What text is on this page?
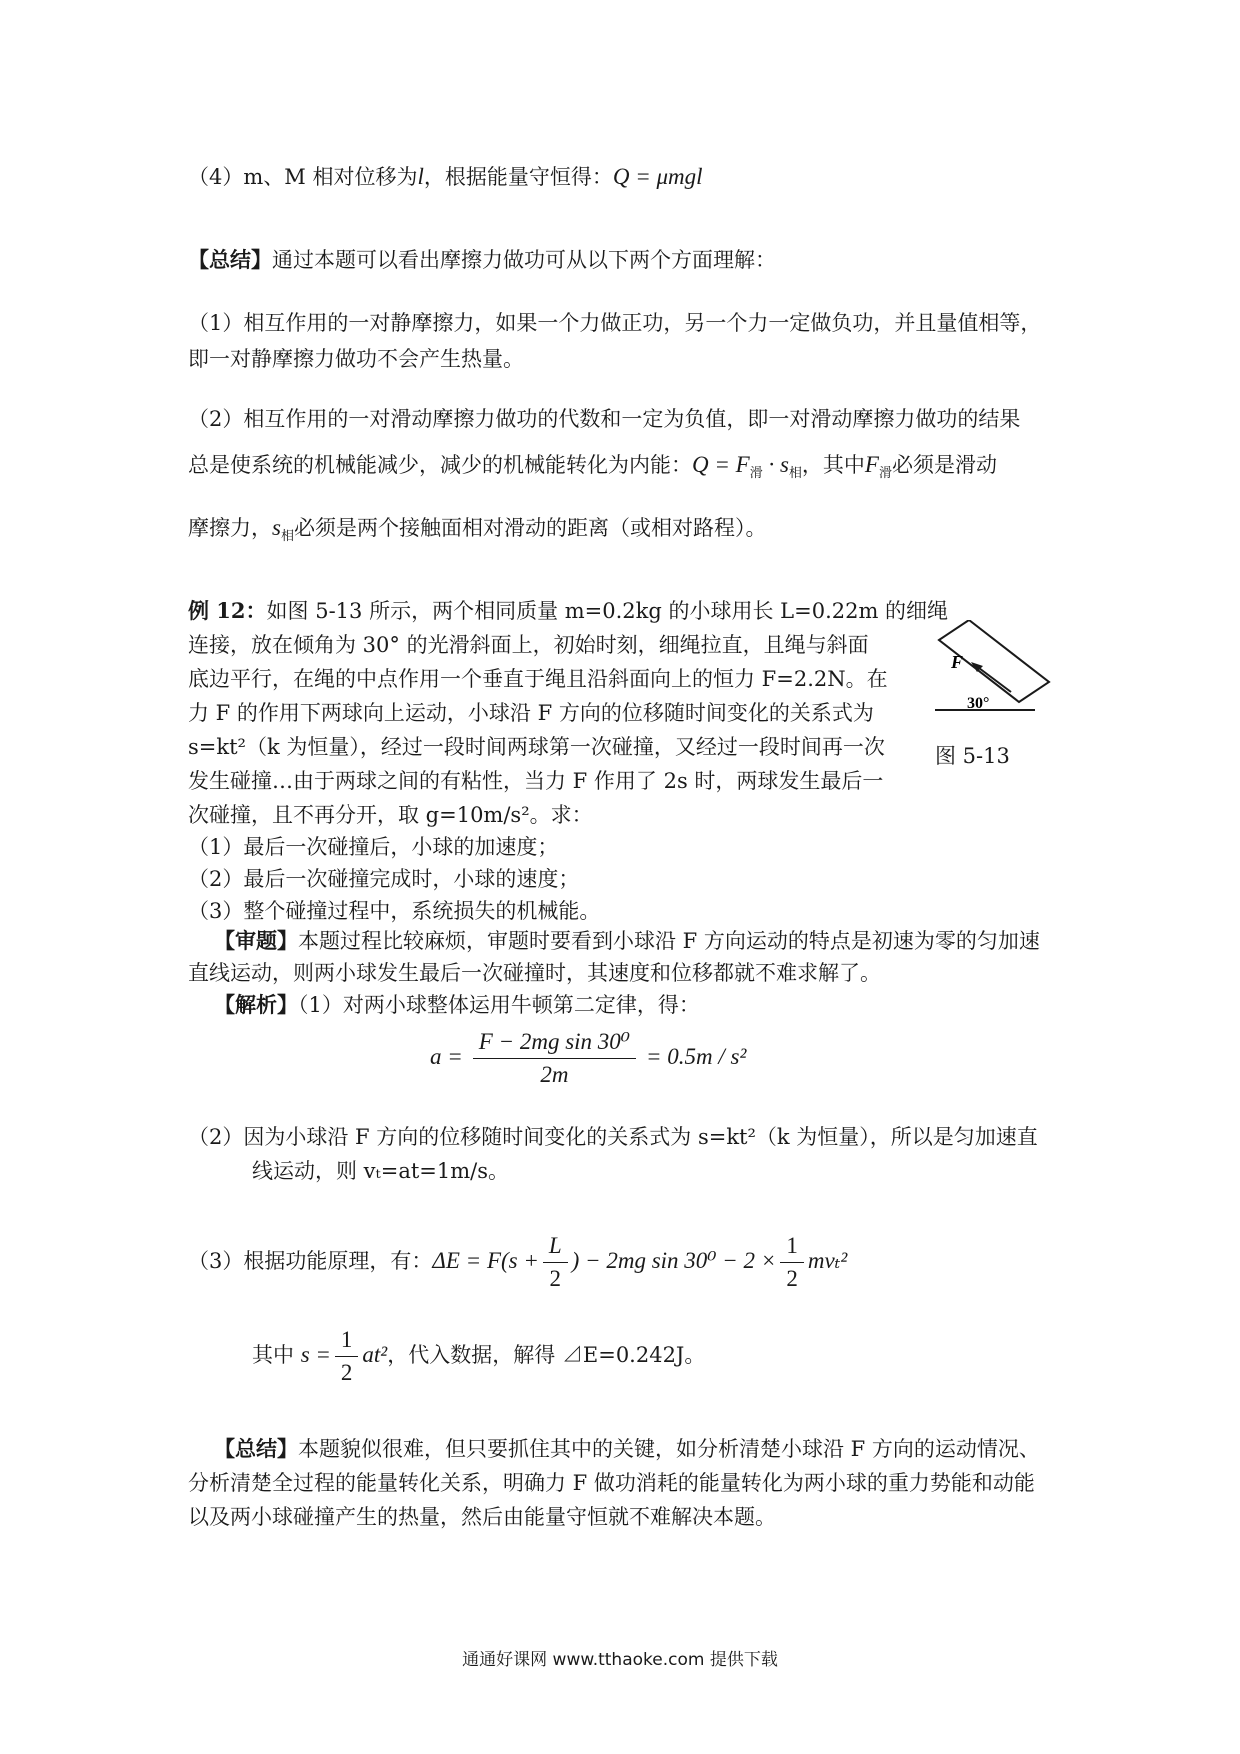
（4）m、M 相对位移为l，根据能量守恒得：Q = μmgl
【总结】通过本题可以看出摩擦力做功可从以下两个方面理解：
（1）相互作用的一对静摩擦力，如果一个力做正功，另一个力一定做负功，并且量值相等，
即一对静摩擦力做功不会产生热量。
（2）相互作用的一对滑动摩擦力做功的代数和一定为负值，即一对滑动摩擦力做功的结果
总是使系统的机械能减少，减少的机械能转化为内能：$Q = F_滑 \cdot s_相$，其中$F_滑$必须是滑动
摩擦力，$s_相$必须是两个接触面相对滑动的距离（或相对路程）。
例 12：如图 5-13 所示，两个相同质量 m=0.2kg 的小球用长 L=0.22m 的细绳
连接，放在倾角为 30° 的光滑斜面上，初始时刻，细绳拉直，且绳与斜面
底边平行，在绳的中点作用一个垂直于绳且沿斜面向上的恒力 F=2.2N。在
力 F 的作用下两球向上运动，小球沿 F 方向的位移随时间变化的关系式为
s=kt²（k 为恒量），经过一段时间两球第一次碰撞，又经过一段时间再一次
发生碰撞…由于两球之间的有粘性，当力 F 作用了 2s 时，两球发生最后一
次碰撞，且不再分开，取 g=10m/s²。求：
（1）最后一次碰撞后，小球的加速度；
（2）最后一次碰撞完成时，小球的速度；
（3）整个碰撞过程中，系统损失的机械能。
F
30°
图 5-13
【审题】本题过程比较麻烦，审题时要看到小球沿 F 方向运动的特点是初速为零的匀加速
直线运动，则两小球发生最后一次碰撞时，其速度和位移都就不难求解了。
【解析】（1）对两小球整体运用牛顿第二定律，得：
$a = \frac{\text{F − 2mg sin 30⁰}}{2m} = 0.5m / s^2$
（2）因为小球沿 F 方向的位移随时间变化的关系式为 s=kt²（k 为恒量），所以是匀加速直
线运动，则 vₜ=at=1m/s。
（3）根据功能原理，有：$\Delta E = F(s + \frac{L}{2}$ ) − 2mg $\sin 30^0 - 2 \times \frac{1}{2} mv_t^2$
其中 $s = \frac{1}{2} at^2$，代入数据，解得 ⊿E=0.242J。
【总结】本题貌似很难，但只要抓住其中的关键，如分析清楚小球沿 F 方向的运动情况、
分析清楚全过程的能量转化关系，明确力 F 做功消耗的能量转化为两小球的重力势能和动能
以及两小球碰撞产生的热量，然后由能量守恒就不难解决本题。
通通好课网 www.tthaoke.com 提供下载
